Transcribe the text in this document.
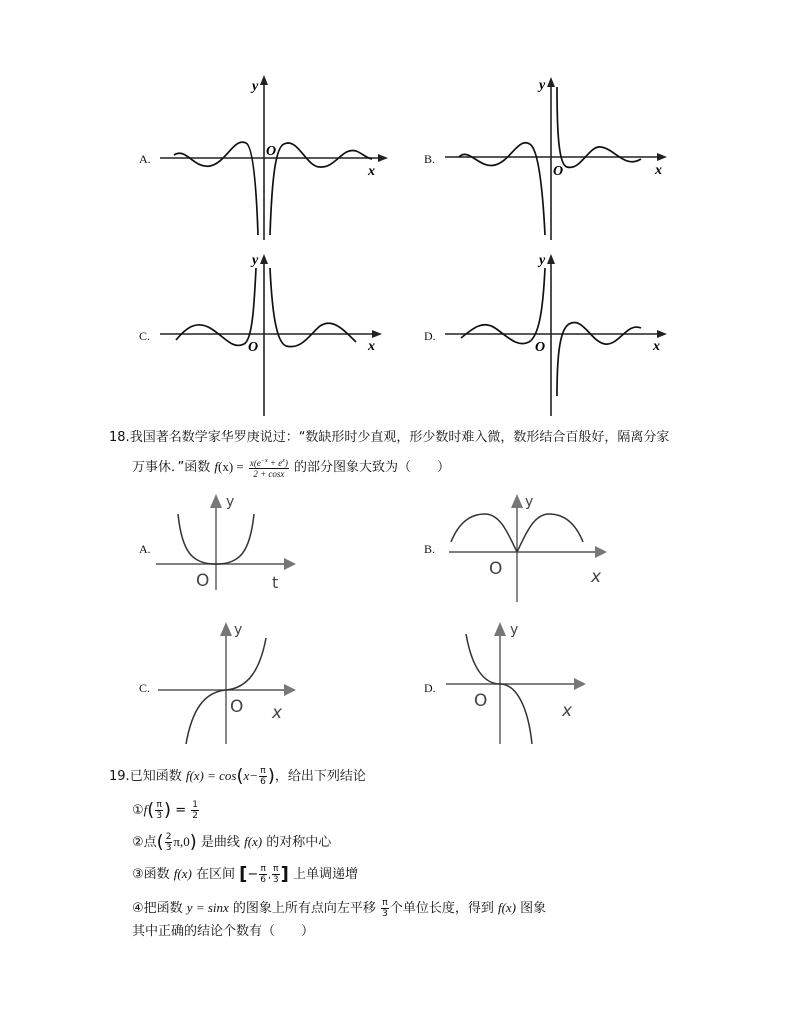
A.
y
x
O	B.
y
x
O
C.
y
x
O
D.
y
x
O
18.我国著名数学家华罗庚说过：“数缺形时少直观，形少数时难入微，数形结合百般好，隔离分家
万事休．”函数 $f(x) = \frac{x(e^{-x} + e^x)}{2 + \cos x}$ 的部分图象大致为（　　）
A.
y
t
O
B.
y
x
O
C.
y
x
O
D.
y
x
O
19.已知函数 $f(x) = \cos(x- \frac{\pi}{6}$ )，给出下列结论
①f( $\frac{\pi}{3}$ ) = $\frac{1}{2}$
②点( $\frac{2}{3} \pi,0$) 是曲线 f(x) 的对称中心
③函数 f(x) 在区间 [− $\frac{\pi}{6}$ , $\frac{\pi}{3}$ ] 上单调递增
④把函数 y = sinx 的图象上所有点向左平移 $\frac{\pi}{3}$ 个单位长度，得到 f(x) 图象
其中正确的结论个数有（　　）
